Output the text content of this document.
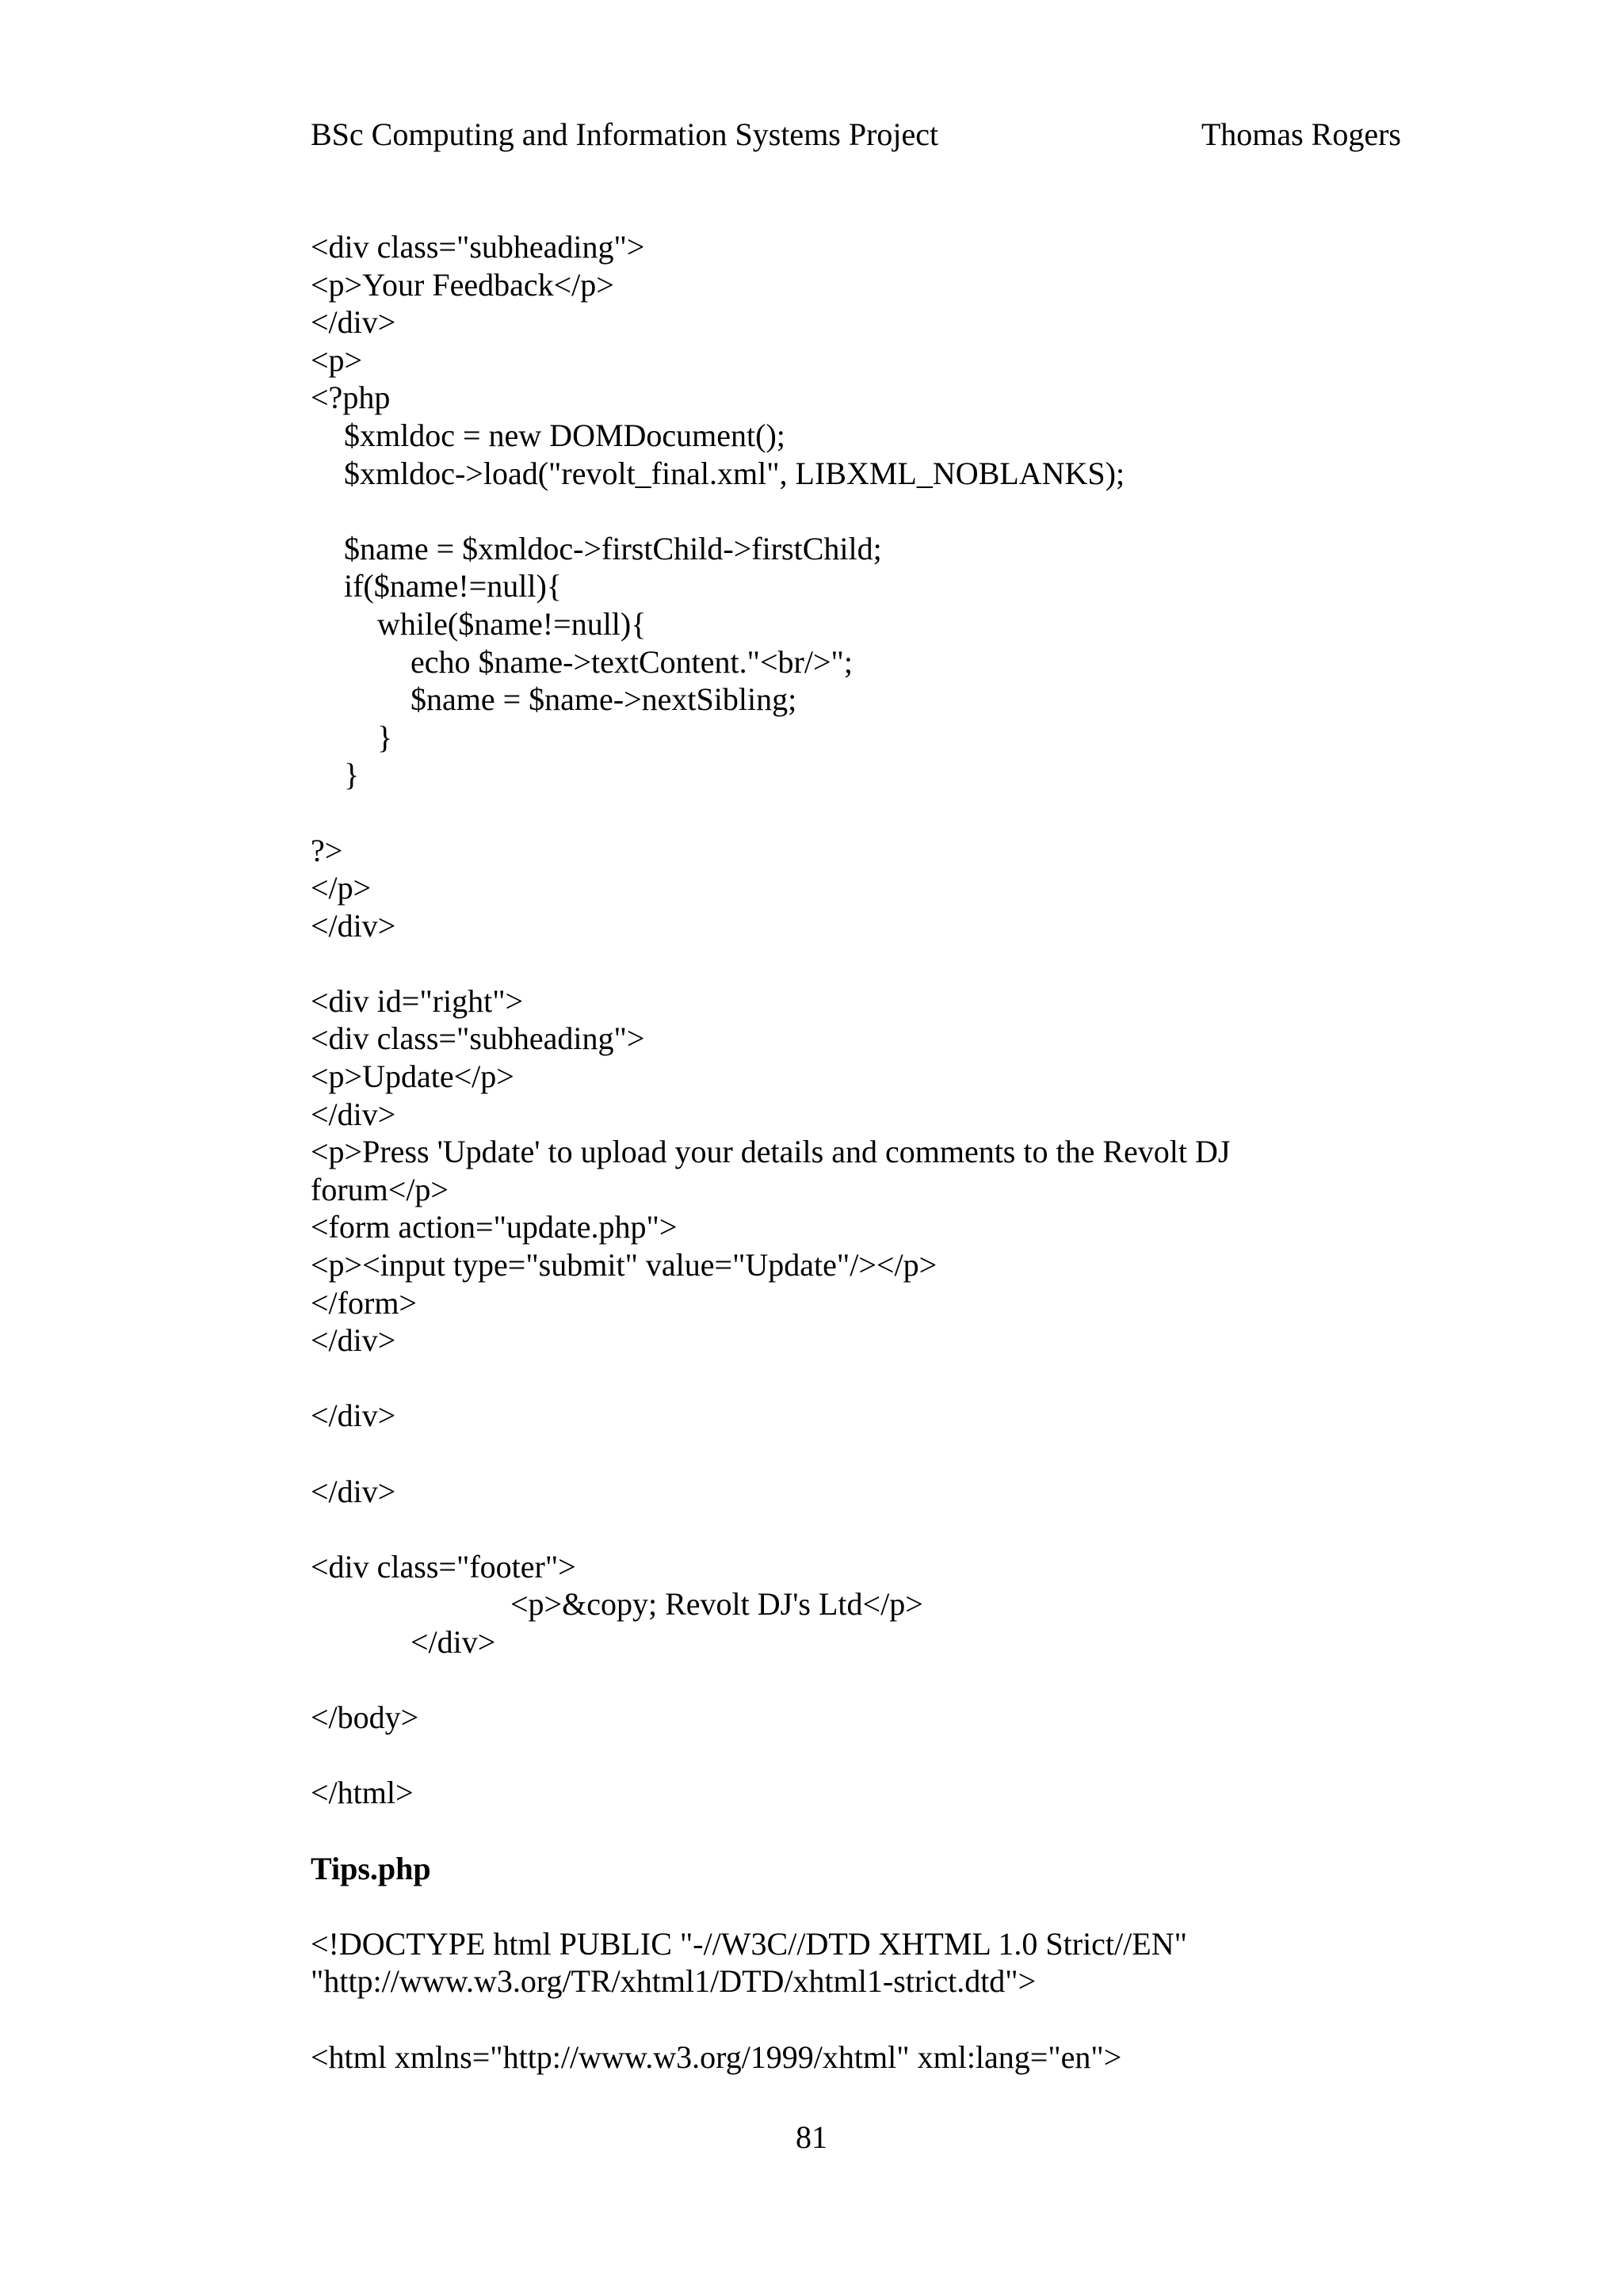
BSc Computing and Information Systems Project	Thomas Rogers
<div class="subheading">
<p>Your Feedback</p>
</div>
<p>
<?php
$xmldoc = new DOMDocument();
$xmldoc->load("revolt_final.xml", LIBXML_NOBLANKS);
$name = $xmldoc->firstChild->firstChild;
if($name!=null){
while($name!=null){
echo $name->textContent."<br/>";
$name = $name->nextSibling;
}
}
?>
</p>
</div>
<div id="right">
<div class="subheading">
<p>Update</p>
</div>
<p>Press 'Update' to upload your details and comments to the Revolt DJ
forum</p>
<form action="update.php">
<p><input type="submit" value="Update"/></p>
</form>
</div>
</div>
</div>
<div class="footer">
<p>&copy; Revolt DJ's Ltd</p>
</div>
</body>
</html>
Tips.php
<!DOCTYPE html PUBLIC "-//W3C//DTD XHTML 1.0 Strict//EN"
"http://www.w3.org/TR/xhtml1/DTD/xhtml1-strict.dtd">
<html xmlns="http://www.w3.org/1999/xhtml" xml:lang="en">
81
